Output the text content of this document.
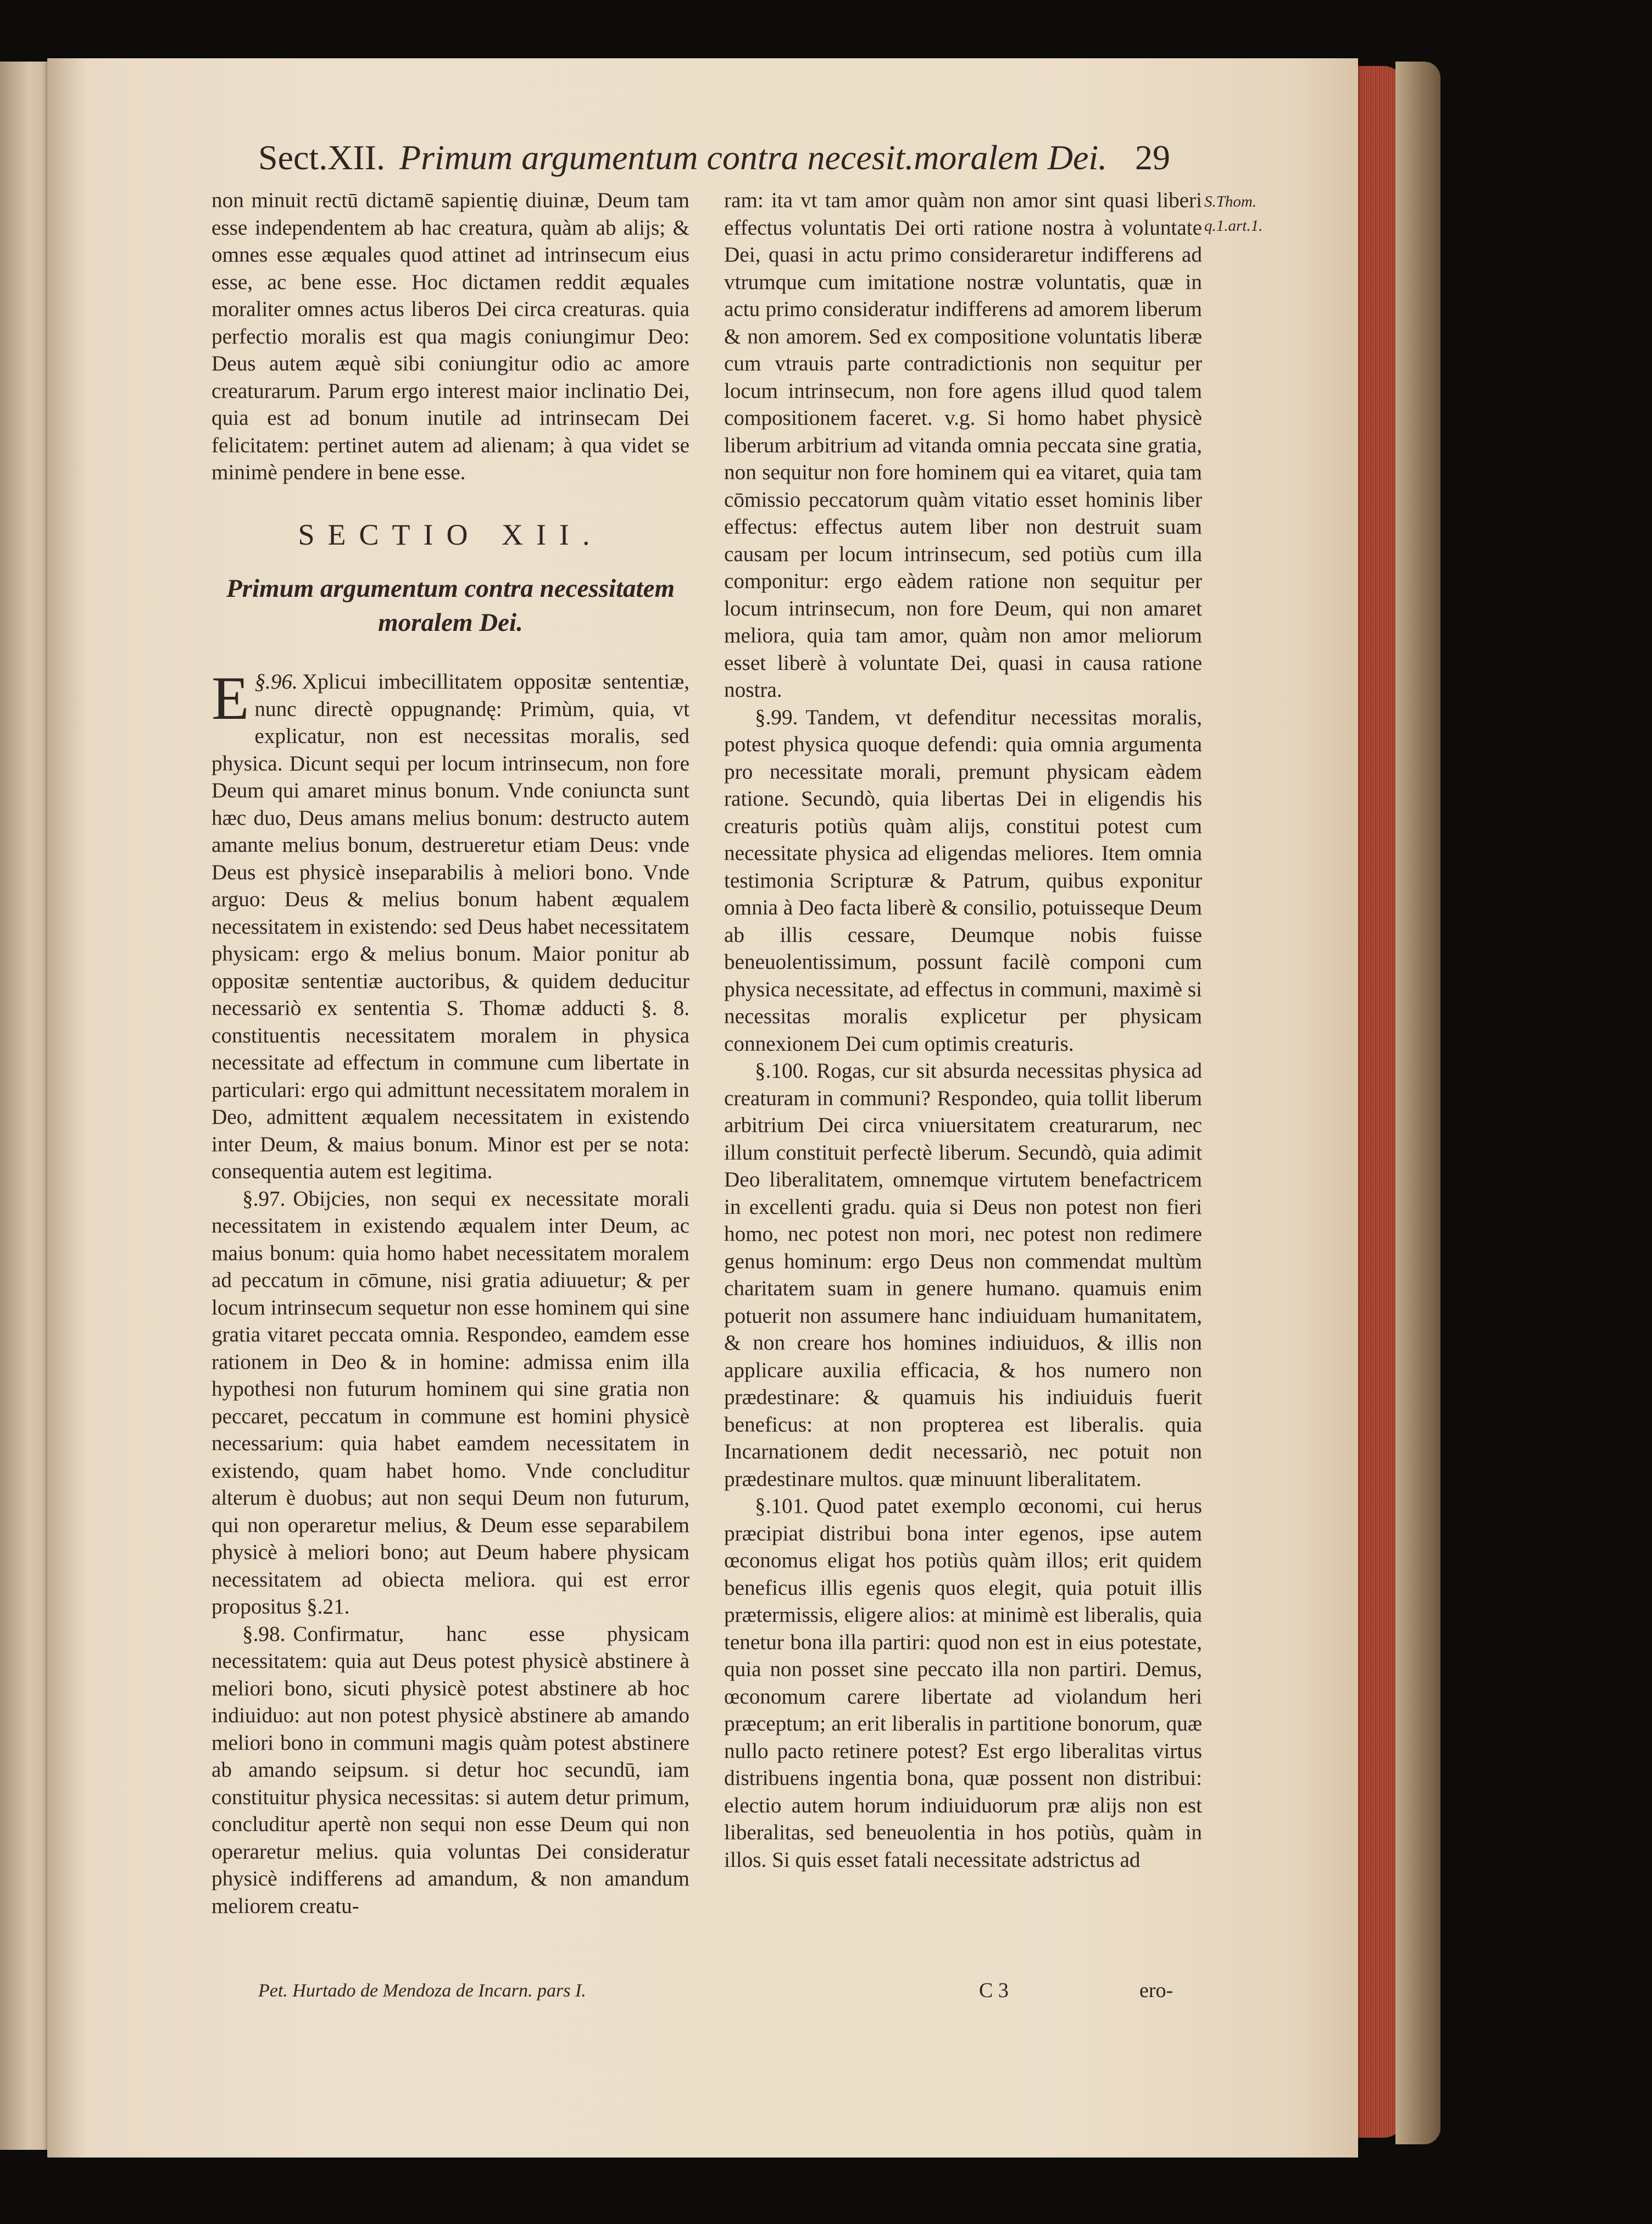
Sect.XII. Primum argumentum contra necesit.moralem Dei. 29

non minuit rectū dictamē sapientię diuinæ, Deum tam esse independentem ab hac creatura, quàm ab alijs; & omnes esse æquales quod attinet ad intrinsecum eius esse, ac bene esse. Hoc dictamen reddit æquales moraliter omnes actus liberos Dei circa creaturas. quia perfectio moralis est qua magis coniungimur Deo: Deus autem æquè sibi coniungitur odio ac amore creaturarum. Parum ergo interest maior inclinatio Dei, quia est ad bonum inutile ad intrinsecam Dei felicitatem: pertinet autem ad alienam; à qua videt se minimè pendere in bene esse.

SECTIO XII.
Primum argumentum contra necessitatem moralem Dei.

§.96.
E Xplicui imbecillitatem oppositæ sententiæ, nunc directè oppugnandę: Primùm, quia, vt explicatur, non est necessitas moralis, sed physica. Dicunt sequi per locum intrinsecum, non fore Deum qui amaret minus bonum. Vnde coniuncta sunt hæc duo, Deus amans melius bonum: destructo autem amante melius bonum, destrueretur etiam Deus: vnde Deus est physicè inseparabilis à meliori bono. Vnde arguo: Deus & melius bonum habent æqualem necessitatem in existendo: sed Deus habet necessitatem physicam: ergo & melius bonum. Maior ponitur ab oppositæ sententiæ auctoribus, & quidem deducitur necessariò ex sententia S. Thomæ adducti §. 8. constituentis necessitatem moralem in physica necessitate ad effectum in commune cum libertate in particulari: ergo qui admittunt necessitatem moralem in Deo, admittent æqualem necessitatem in existendo inter Deum, & maius bonum. Minor est per se nota: consequentia autem est legitima.

§.97. Obijcies, non sequi ex necessitate morali necessitatem in existendo æqualem inter Deum, ac maius bonum: quia homo habet necessitatem moralem ad peccatum in cōmune, nisi gratia adiuuetur; & per locum intrinsecum sequetur non esse hominem qui sine gratia vitaret peccata omnia. Respondeo, eamdem esse rationem in Deo & in homine: admissa enim illa hypothesi non futurum hominem qui sine gratia non peccaret, peccatum in commune est homini physicè necessarium: quia habet eamdem necessitatem in existendo, quam habet homo. Vnde concluditur alterum è duobus; aut non sequi Deum non futurum, qui non operaretur melius, & Deum esse separabilem physicè à meliori bono; aut Deum habere physicam necessitatem ad obiecta meliora. qui est error propositus §.21.

§.98. Confirmatur, hanc esse physicam necessitatem: quia aut Deus potest physicè abstinere à meliori bono, sicuti physicè potest abstinere ab hoc indiuiduo: aut non potest physicè abstinere ab amando meliori bono in communi magis quàm potest abstinere ab amando seipsum. si detur hoc secundū, iam constituitur physica necessitas: si autem detur primum, concluditur apertè non sequi non esse Deum qui non operaretur melius. quia voluntas Dei consideratur physicè indifferens ad amandum, & non amandum meliorem creatu-

ram: ita vt tam amor quàm non amor sint quasi liberi effectus voluntatis Dei orti ratione nostra à voluntate Dei, quasi in actu primo consideraretur indifferens ad vtrumque cum imitatione nostræ voluntatis, quæ in actu primo consideratur indifferens ad amorem liberum & non amorem. Sed ex compositione voluntatis liberæ cum vtrauis parte contradictionis non sequitur per locum intrinsecum, non fore agens illud quod talem compositionem faceret. v.g. Si homo habet physicè liberum arbitrium ad vitanda omnia peccata sine gratia, non sequitur non fore hominem qui ea vitaret, quia tam cōmissio peccatorum quàm vitatio esset hominis liber effectus: effectus autem liber non destruit suam causam per locum intrinsecum, sed potiùs cum illa componitur: ergo eàdem ratione non sequitur per locum intrinsecum, non fore Deum, qui non amaret meliora, quia tam amor, quàm non amor meliorum esset liberè à voluntate Dei, quasi in causa ratione nostra.

§.99. Tandem, vt defenditur necessitas moralis, potest physica quoque defendi: quia omnia argumenta pro necessitate morali, premunt physicam eàdem ratione. Secundò, quia libertas Dei in eligendis his creaturis potiùs quàm alijs, constitui potest cum necessitate physica ad eligendas meliores. Item omnia testimonia Scripturæ & Patrum, quibus exponitur omnia à Deo facta liberè & consilio, potuisseque Deum ab illis cessare, Deumque nobis fuisse beneuolentissimum, possunt facilè componi cum physica necessitate, ad effectus in communi, maximè si necessitas moralis explicetur per physicam connexionem Dei cum optimis creaturis.

§.100. Rogas, cur sit absurda necessitas physica ad creaturam in communi? Respondeo, quia tollit liberum arbitrium Dei circa vniuersitatem creaturarum, nec illum constituit perfectè liberum. Secundò, quia adimit Deo liberalitatem, omnemque virtutem benefactricem in excellenti gradu. quia si Deus non potest non fieri homo, nec potest non mori, nec potest non redimere genus hominum: ergo Deus non commendat multùm charitatem suam in genere humano. quamuis enim potuerit non assumere hanc indiuiduam humanitatem, & non creare hos homines indiuiduos, & illis non applicare auxilia efficacia, & hos numero non prædestinare: & quamuis his indiuiduis fuerit beneficus: at non propterea est liberalis. quia Incarnationem dedit necessariò, nec potuit non prædestinare multos. quæ minuunt liberalitatem.

§.101. Quod patet exemplo œconomi, cui herus præcipiat distribui bona inter egenos, ipse autem œconomus eligat hos potiùs quàm illos; erit quidem beneficus illis egenis quos elegit, quia potuit illis prætermissis, eligere alios: at minimè est liberalis, quia tenetur bona illa partiri: quod non est in eius potestate, quia non posset sine peccato illa non partiri. Demus, œconomum carere libertate ad violandum heri præceptum; an erit liberalis in partitione bonorum, quæ nullo pacto retinere potest? Est ergo liberalitas virtus distribuens ingentia bona, quæ possent non distribui: electio autem horum indiuiduorum præ alijs non est liberalitas, sed beneuolentia in hos potiùs, quàm in illos. Si quis esset fatali necessitate adstrictus ad

S.Thom. q.1.art.1.
Pet. Hurtado de Mendoza de Incarn. pars I.	C 3	ero-
